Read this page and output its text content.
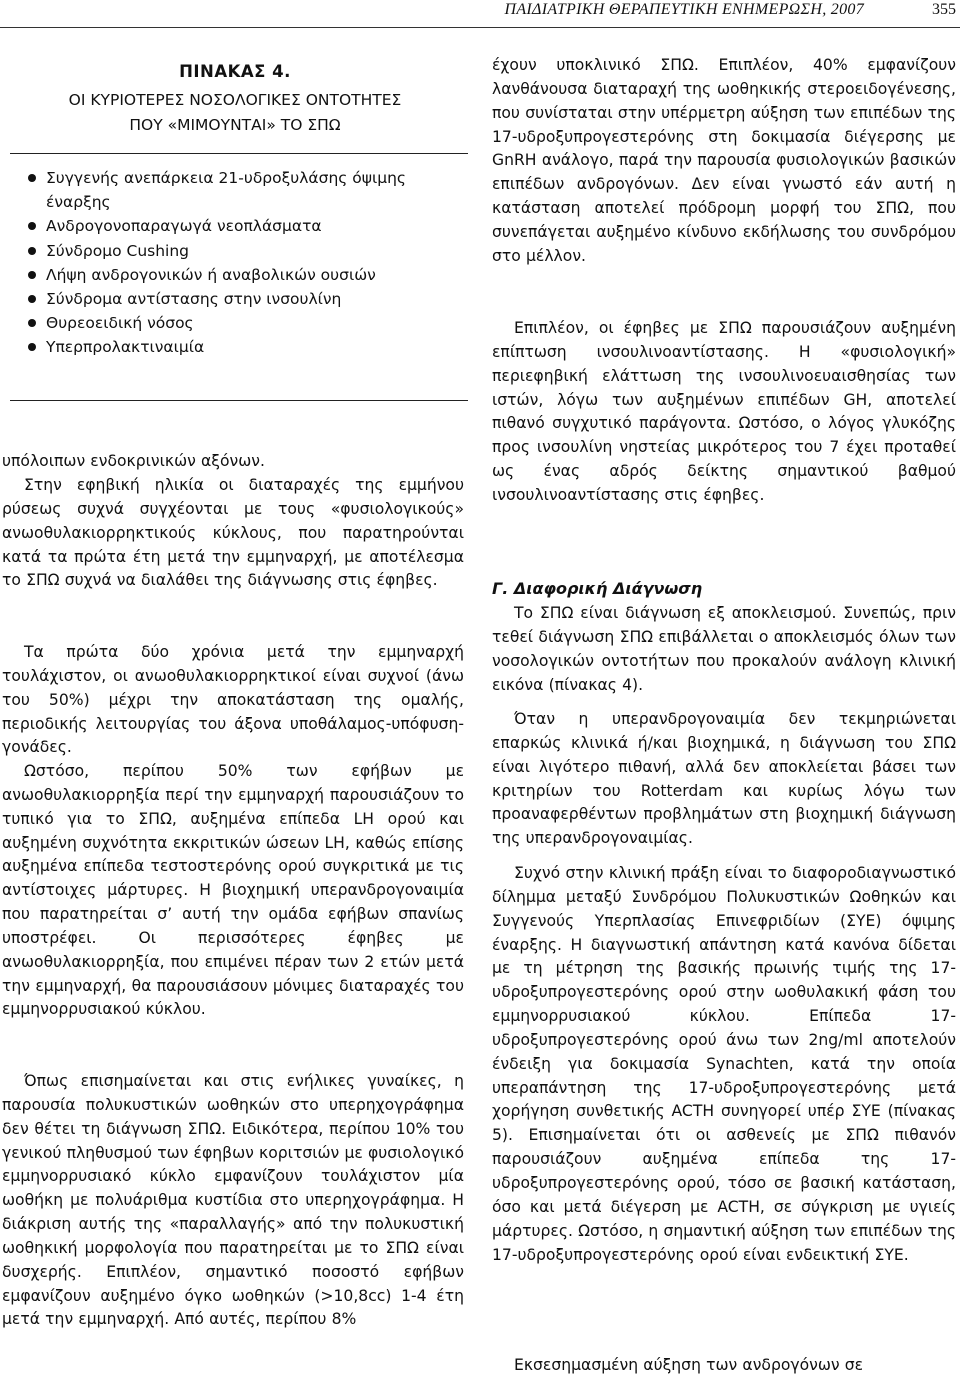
ΠΑΙΔΙΑΤΡΙΚΗ ΘΕΡΑΠΕΥΤΙΚΗ ΕΝΗΜΕΡΩΣΗ, 2007	355
ΠΙΝΑΚΑΣ 4.
ΟΙ ΚΥΡΙΟΤΕΡΕΣ ΝΟΣΟΛΟΓΙΚΕΣ ΟΝΤΟΤΗΤΕΣ
ΠΟΥ «ΜΙΜΟΥΝΤΑΙ» ΤΟ ΣΠΩ
Συγγενής ανεπάρκεια 21-υδροξυλάσης όψιμης έναρξης
Ανδρογονοπαραγωγά νεοπλάσματα
Σύνδρομο Cushing
Λήψη ανδρογονικών ή αναβολικών ουσιών
Σύνδρομα αντίστασης στην ινσουλίνη
Θυρεοειδική νόσος
Υπερπρολακτιναιμία

υπόλοιπων ενδοκρινικών αξόνων.

Στην εφηβική ηλικία οι διαταραχές της εμμήνου ρύσεως συχνά συγχέονται με τους «φυσιολογικούς» ανωοθυλακιορρηκτικούς κύκλους, που παρατηρούνται κατά τα πρώτα έτη μετά την εμμηναρχή, με αποτέλεσμα το ΣΠΩ συχνά να διαλάθει της διάγνωσης στις έφηβες.

Τα πρώτα δύο χρόνια μετά την εμμηναρχή τουλάχιστον, οι ανωοθυλακιορρηκτικοί είναι συχνοί (άνω του 50%) μέχρι την αποκατάσταση της ομαλής, περιοδικής λειτουργίας του άξονα υποθάλαμος-υπόφυση-γονάδες.

Ωστόσο, περίπου 50% των εφήβων με ανωοθυλακιορρηξία περί την εμμηναρχή παρουσιάζουν το τυπικό για το ΣΠΩ, αυξημένα επίπεδα LH ορού και αυξημένη συχνότητα εκκριτικών ώσεων LH, καθώς επίσης αυξημένα επίπεδα τεστοστερόνης ορού συγκριτικά με τις αντίστοιχες μάρτυρες. Η βιοχημική υπερανδρογοναιμία που παρατηρείται σ’ αυτή την ομάδα εφήβων σπανίως υποστρέφει. Οι περισσότερες έφηβες με ανωοθυλακιορρηξία, που επιμένει πέραν των 2 ετών μετά την εμμηναρχή, θα παρουσιάσουν μόνιμες διαταραχές του εμμηνορρυσιακού κύκλου.

Όπως επισημαίνεται και στις ενήλικες γυναίκες, η παρουσία πολυκυστικών ωοθηκών στο υπερηχογράφημα δεν θέτει τη διάγνωση ΣΠΩ. Ειδικότερα, περίπου 10% του γενικού πληθυσμού των έφηβων κοριτσιών με φυσιολογικό εμμηνορρυσιακό κύκλο εμφανίζουν τουλάχιστον μία ωοθήκη με πολυάριθμα κυστίδια στο υπερηχογράφημα. Η διάκριση αυτής της «παραλλαγής» από την πολυκυστική ωοθηκική μορφολογία που παρατηρείται με το ΣΠΩ είναι δυσχερής. Επιπλέον, σημαντικό ποσοστό εφήβων εμφανίζουν αυξημένο όγκο ωοθηκών (>10,8cc) 1-4 έτη μετά την εμμηναρχή. Από αυτές, περίπου 8%

έχουν υποκλινικό ΣΠΩ. Επιπλέον, 40% εμφανίζουν λανθάνουσα διαταραχή της ωοθηκικής στεροειδογένεσης, που συνίσταται στην υπέρμετρη αύξηση των επιπέδων της 17-υδροξυπρογεστερόνης στη δοκιμασία διέγερσης με GnRH ανάλογο, παρά την παρουσία φυσιολογικών βασικών επιπέδων ανδρογόνων. Δεν είναι γνωστό εάν αυτή η κατάσταση αποτελεί πρόδρομη μορφή του ΣΠΩ, που συνεπάγεται αυξημένο κίνδυνο εκδήλωσης του συνδρόμου στο μέλλον.

Επιπλέον, οι έφηβες με ΣΠΩ παρουσιάζουν αυξημένη επίπτωση ινσουλινοαντίστασης. Η «φυσιολογική» περιεφηβική ελάττωση της ινσουλινοευαισθησίας των ιστών, λόγω των αυξημένων επιπέδων GH, αποτελεί πιθανό συγχυτικό παράγοντα. Ωστόσο, ο λόγος γλυκόζης προς ινσουλίνη νηστείας μικρότερος του 7 έχει προταθεί ως ένας αδρός δείκτης σημαντικού βαθμού ινσουλινοαντίστασης στις έφηβες.

Γ. Διαφορική Διάγνωση

Το ΣΠΩ είναι διάγνωση εξ αποκλεισμού. Συνεπώς, πριν τεθεί διάγνωση ΣΠΩ επιβάλλεται ο αποκλεισμός όλων των νοσολογικών οντοτήτων που προκαλούν ανάλογη κλινική εικόνα (πίνακας 4).

Όταν η υπερανδρογοναιμία δεν τεκμηριώνεται επαρκώς κλινικά ή/και βιοχημικά, η διάγνωση του ΣΠΩ είναι λιγότερο πιθανή, αλλά δεν αποκλείεται βάσει των κριτηρίων του Rotterdam και κυρίως λόγω των προαναφερθέντων προβλημάτων στη βιοχημική διάγνωση της υπερανδρογοναιμίας.

Συχνό στην κλινική πράξη είναι το διαφοροδιαγνωστικό δίλημμα μεταξύ Συνδρόμου Πολυκυστικών Ωοθηκών και Συγγενούς Υπερπλασίας Επινεφριδίων (ΣΥΕ) όψιμης έναρξης. Η διαγνωστική απάντηση κατά κανόνα δίδεται με τη μέτρηση της βασικής πρωινής τιμής της 17-υδροξυπρογεστερόνης ορού στην ωοθυλακική φάση του εμμηνορρυσιακού κύκλου. Επίπεδα 17-υδροξυπρογεστερόνης ορού άνω των 2ng/ml αποτελούν ένδειξη για δοκιμασία Synachten, κατά την οποία υπεραπάντηση της 17-υδροξυπρογεστερόνης μετά χορήγηση συνθετικής ACTH συνηγορεί υπέρ ΣΥΕ (πίνακας 5). Επισημαίνεται ότι οι ασθενείς με ΣΠΩ πιθανόν παρουσιάζουν αυξημένα επίπεδα της 17-υδροξυπρογεστερόνης ορού, τόσο σε βασική κατάσταση, όσο και μετά διέγερση με ACTH, σε σύγκριση με υγιείς μάρτυρες. Ωστόσο, η σημαντική αύξηση των επιπέδων της 17-υδροξυπρογεστερόνης ορού είναι ενδεικτική ΣΥΕ.

Εκσεσημασμένη αύξηση των ανδρογόνων σε
